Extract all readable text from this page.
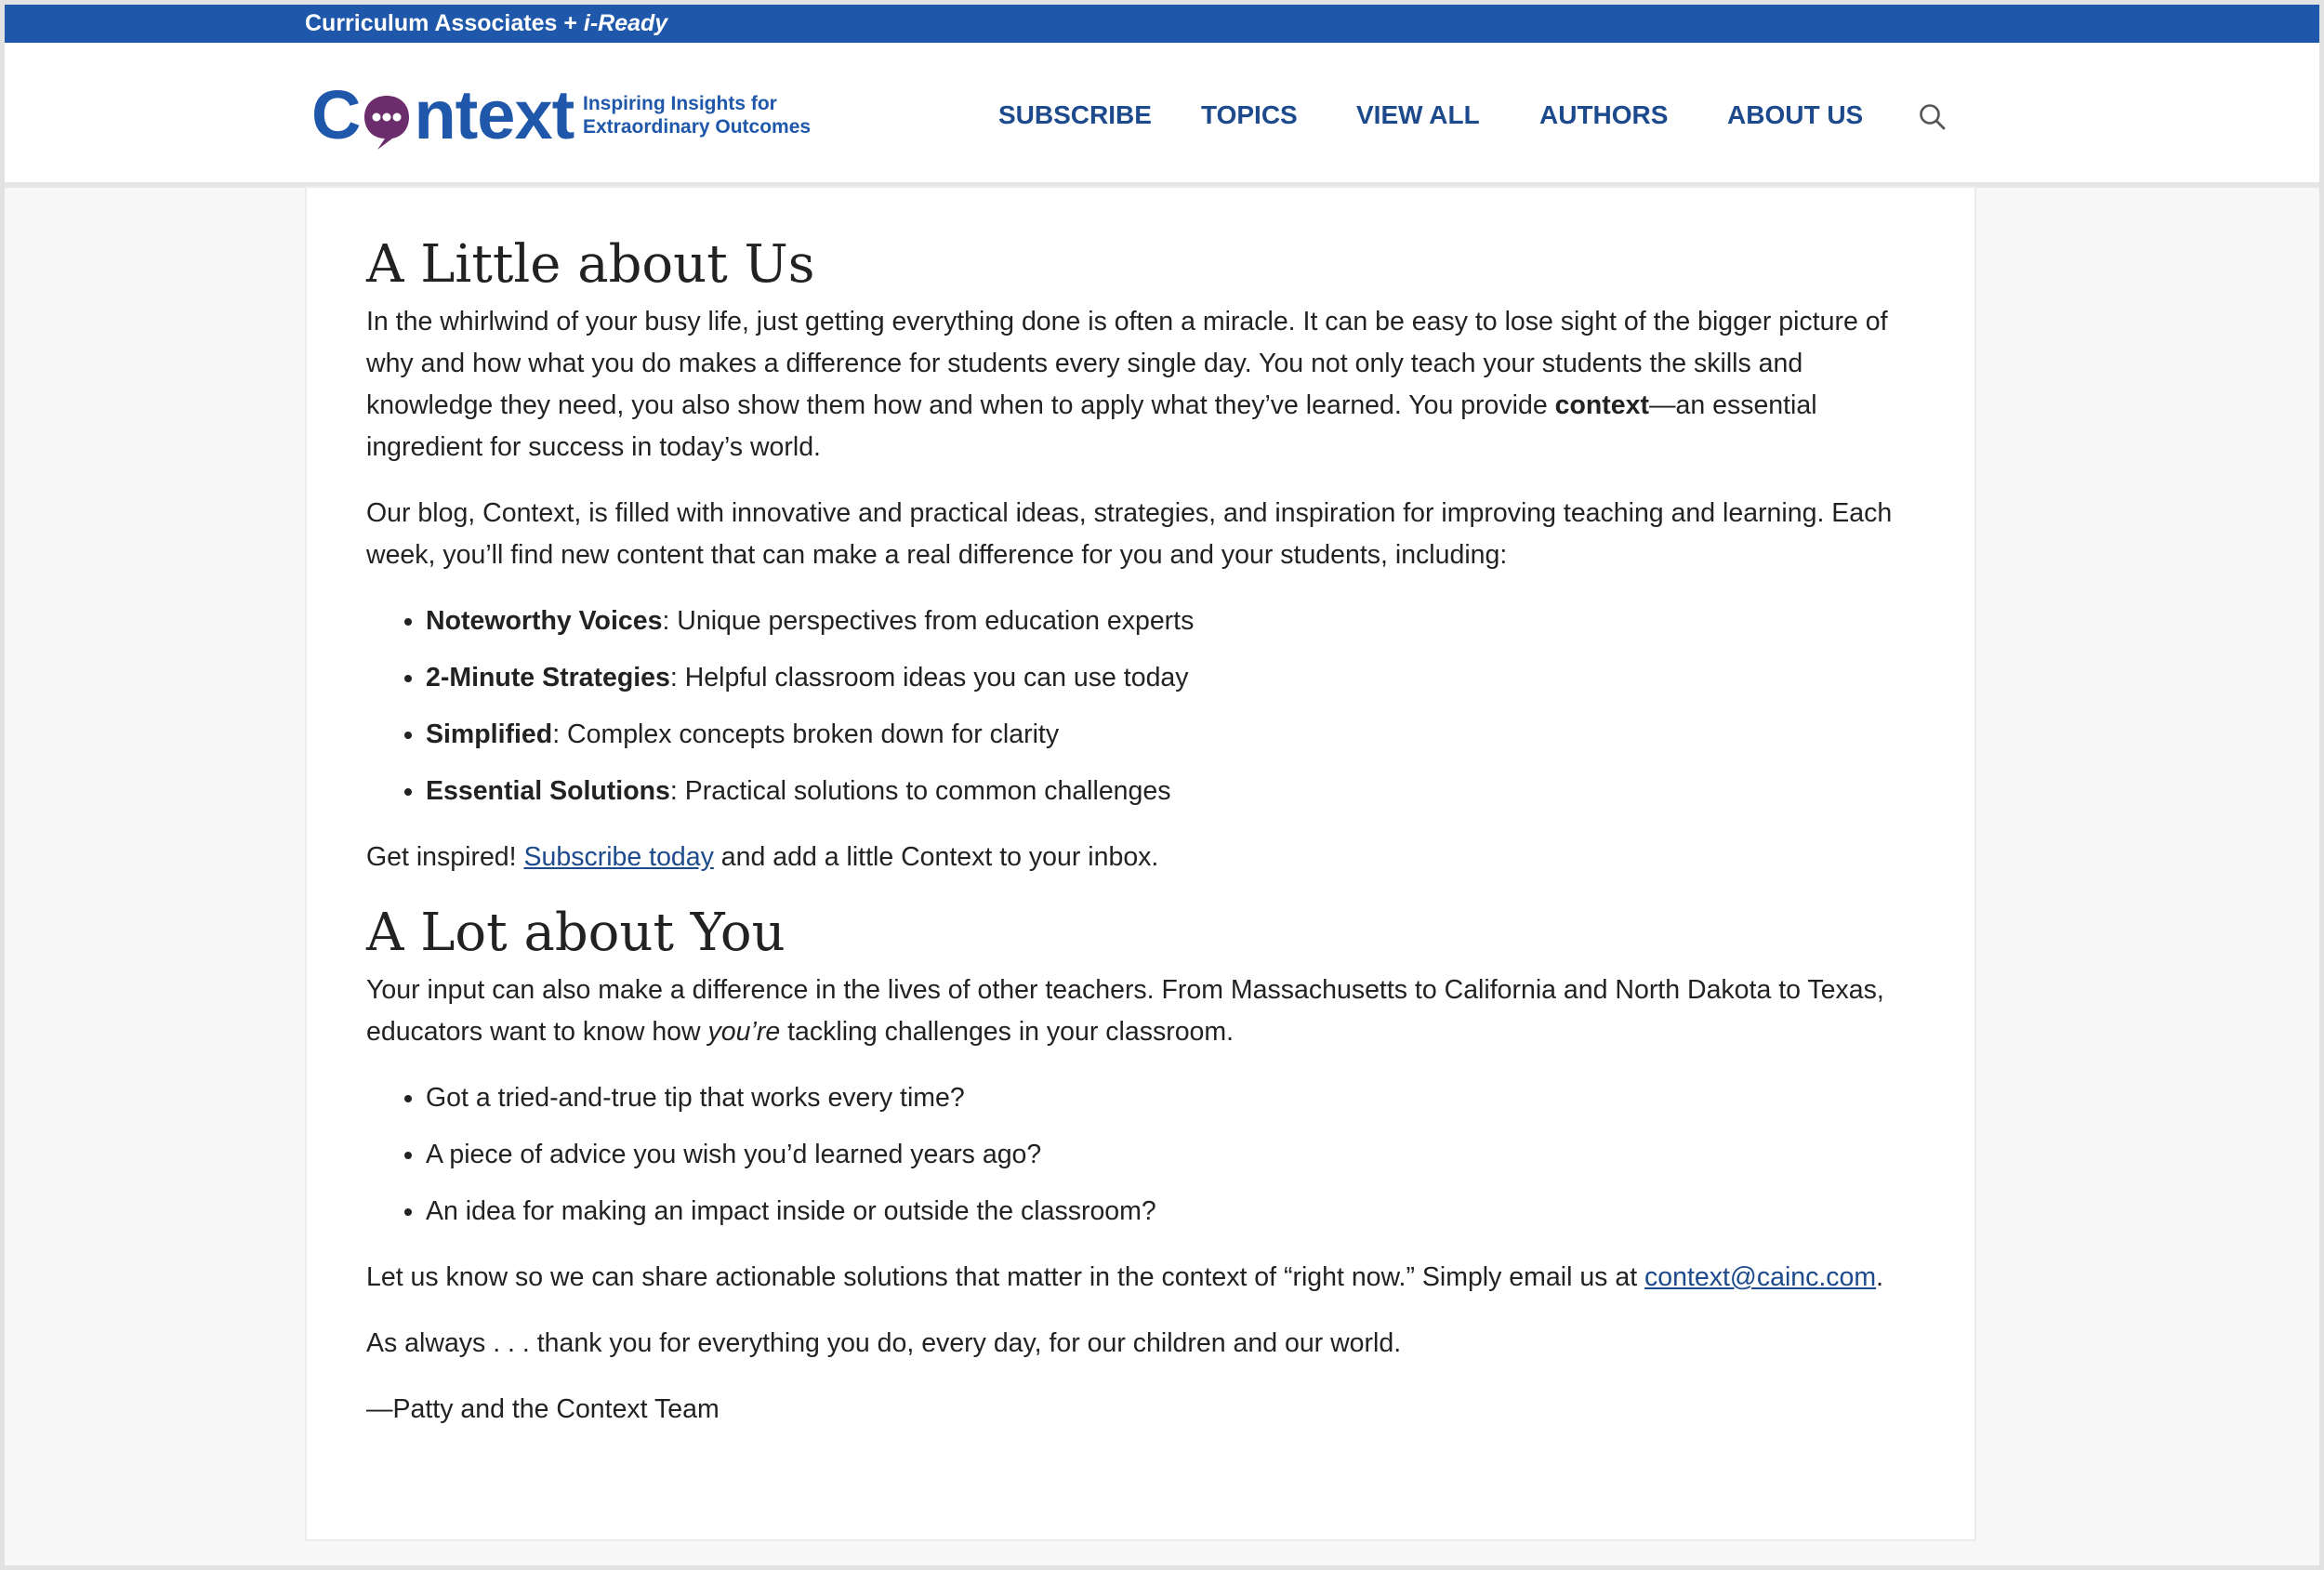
Curriculum Associates + i-Ready
C ntext Inspiring Insights for
Extraordinary Outcomes	SUBSCRIBE TOPICS VIEW ALL AUTHORS ABOUT US
A Little about Us

In the whirlwind of your busy life, just getting everything done is often a miracle. It can be easy to lose sight of the bigger picture of why and how what you do makes a difference for students every single day. You not only teach your students the skills and knowledge they need, you also show them how and when to apply what they’ve learned. You provide context—an essential ingredient for success in today’s world.

Our blog, Context, is filled with innovative and practical ideas, strategies, and inspiration for improving teaching and learning. Each week, you’ll find new content that can make a real difference for you and your students, including:

• Noteworthy Voices: Unique perspectives from education experts
• 2-Minute Strategies: Helpful classroom ideas you can use today
• Simplified: Complex concepts broken down for clarity
• Essential Solutions: Practical solutions to common challenges

Get inspired! Subscribe today and add a little Context to your inbox.

A Lot about You

Your input can also make a difference in the lives of other teachers. From Massachusetts to California and North Dakota to Texas, educators want to know how you’re tackling challenges in your classroom.

• Got a tried-and-true tip that works every time?
• A piece of advice you wish you’d learned years ago?
• An idea for making an impact inside or outside the classroom?

Let us know so we can share actionable solutions that matter in the context of “right now.” Simply email us at context@cainc.com.

As always . . . thank you for everything you do, every day, for our children and our world.

—Patty and the Context Team
